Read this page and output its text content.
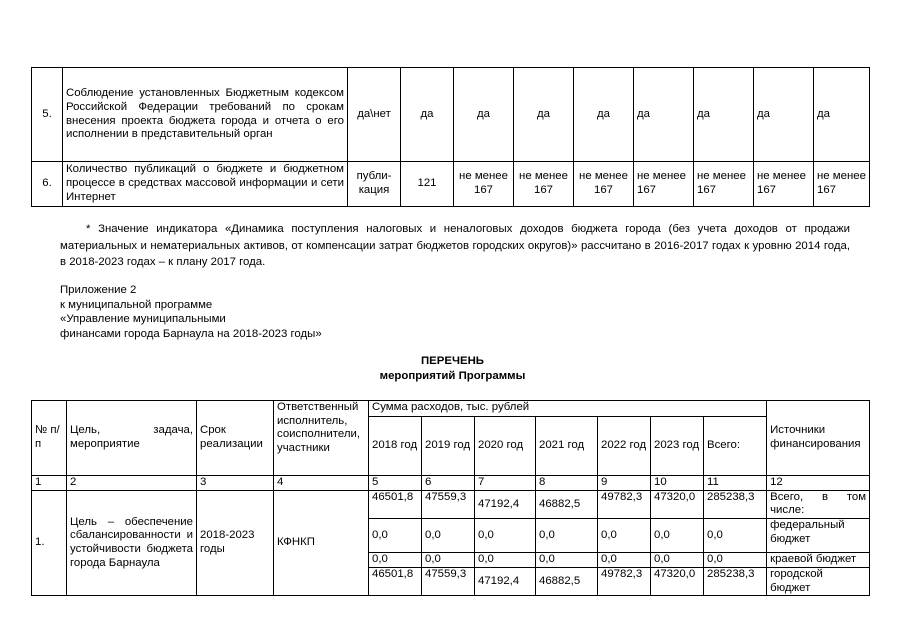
5.	Соблюдение установленных Бюджетным кодексом Российской Федерации требований по срокам внесения проекта бюджета города и отчета о его исполнении в представительный орган	да\нет	да	да	да	да	да	да	да	да
6.	Количество публикаций о бюджете и бюджетном процессе в средствах массовой информации и сети Интернет	публи-кация	121	не менее 167	не менее 167	не менее 167	не менее 167	не менее 167	не менее 167	не менее 167

* Значение индикатора «Динамика поступления налоговых и неналоговых доходов бюджета города (без учета доходов от продажи материальных и нематериальных активов, от компенсации затрат бюджетов городских округов)» рассчитано в 2016-2017 годах к уровню 2014 года, в 2018-2023 годах – к плану 2017 года.

Приложение 2
к муниципальной программе
«Управление муниципальными
финансами города Барнаула на 2018-2023 годы»
ПЕРЕЧЕНЬ
мероприятий Программы
№ п/п	Цель, задача, мероприятие	Срок реализации	Ответственный исполнитель, соисполнители, участники	Сумма расходов, тыс. рублей							Источники финансирования
				2018 год	2019 год	2020 год	2021 год	2022 год	2023 год	Всего:	
1	2	3	4	5	6	7	8	9	10	11	12
1.	Цель – обеспечение сбалансированности и устойчивости бюджета города Барнаула	2018-2023 годы	КФНКП	46501,8	47559,3	47192,4	46882,5	49782,3	47320,0	285238,3	Всего, в том числе:
				0,0	0,0	0,0	0,0	0,0	0,0	0,0	федеральный бюджет
				0,0	0,0	0,0	0,0	0,0	0,0	0,0	краевой бюджет
				46501,8	47559,3	47192,4	46882,5	49782,3	47320,0	285238,3	городской бюджет
